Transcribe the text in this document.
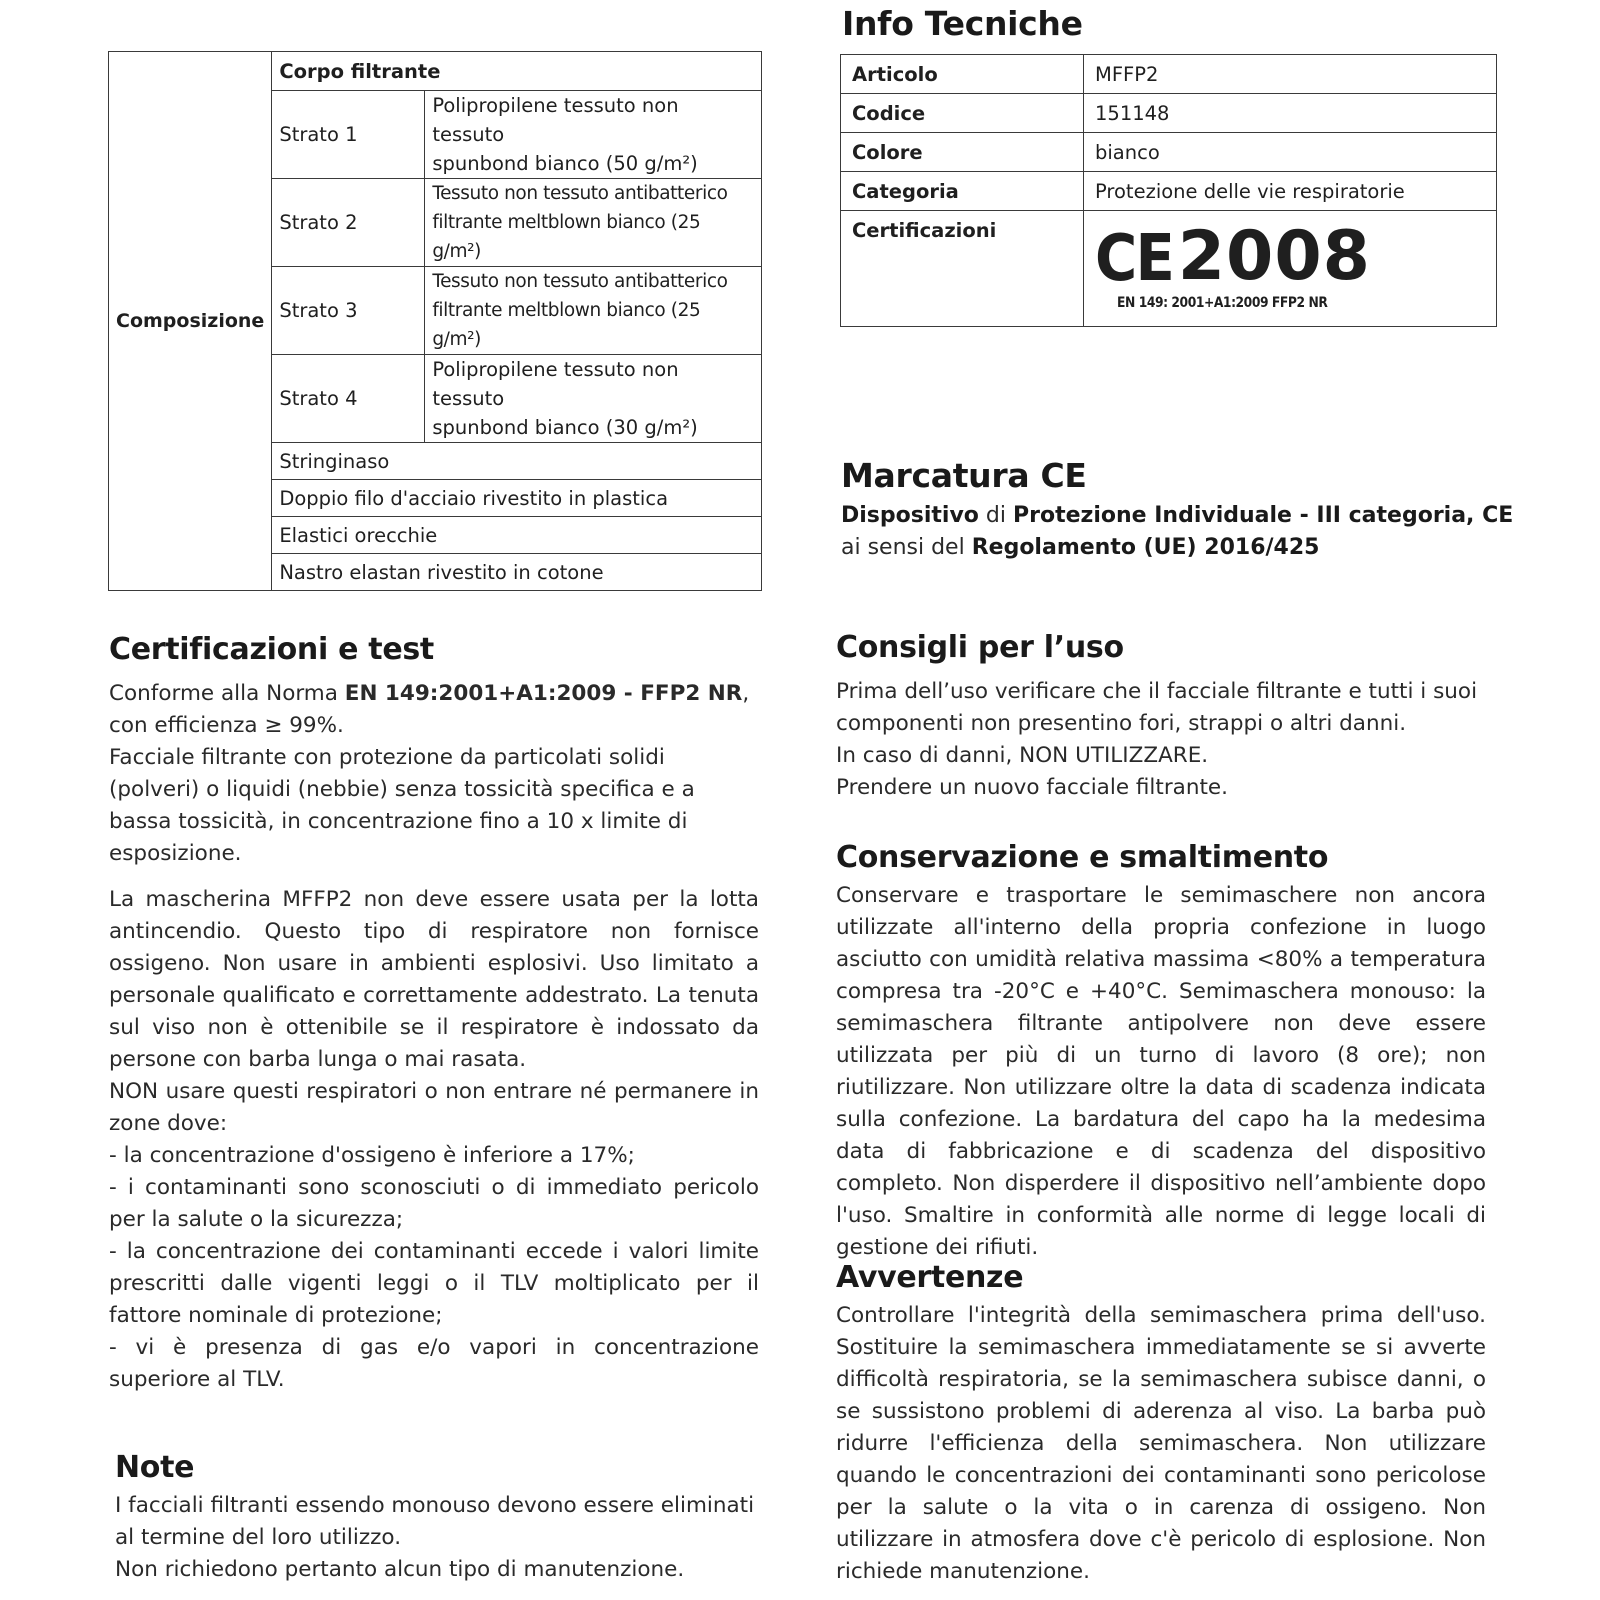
Composizione	Corpo filtrante	
	Strato 1	Polipropilene tessuto non tessuto
spunbond bianco (50 g/m²)
	Strato 2	Tessuto non tessuto antibatterico
filtrante meltblown bianco (25 g/m²)
	Strato 3	Tessuto non tessuto antibatterico
filtrante meltblown bianco (25 g/m²)
	Strato 4	Polipropilene tessuto non tessuto
spunbond bianco (30 g/m²)
	Stringinaso	
	Doppio filo d'acciaio rivestito in plastica	
	Elastici orecchie	
	Nastro elastan rivestito in cotone	
Info Tecniche
Articolo	MFFP2
Codice	151148
Colore	bianco
Categoria	Protezione delle vie respiratorie
Certificazioni	CE 2008
EN 149: 2001+A1:2009 FFP2 NR
Marcatura CE
Dispositivo di Protezione Individuale - III categoria, CE
ai sensi del Regolamento (UE) 2016/425
Certificazioni e test

Conforme alla Norma EN 149:2001+A1:2009 - FFP2 NR, con efficienza ≥ 99%.

Facciale filtrante con protezione da particolati solidi (polveri) o liquidi (nebbie) senza tossicità specifica e a bassa tossicità, in concentrazione fino a 10 x limite di esposizione.

La mascherina MFFP2 non deve essere usata per la lotta antincendio. Questo tipo di respiratore non fornisce ossigeno. Non usare in ambienti esplosivi. Uso limitato a personale qualificato e correttamente addestrato. La tenuta sul viso non è ottenibile se il respiratore è indossato da persone con barba lunga o mai rasata.

NON usare questi respiratori o non entrare né permanere in zone dove:

- la concentrazione d'ossigeno è inferiore a 17%;

- i contaminanti sono sconosciuti o di immediato pericolo per la salute o la sicurezza;

- la concentrazione dei contaminanti eccede i valori limite prescritti dalle vigenti leggi o il TLV moltiplicato per il fattore nominale di protezione;

- vi è presenza di gas e/o vapori in concentrazione superiore al TLV.

Note

I facciali filtranti essendo monouso devono essere eliminati al termine del loro utilizzo.

Non richiedono pertanto alcun tipo di manutenzione.

Consigli per l’uso

Prima dell’uso verificare che il facciale filtrante e tutti i suoi componenti non presentino fori, strappi o altri danni.

In caso di danni, NON UTILIZZARE.

Prendere un nuovo facciale filtrante.

Conservazione e smaltimento

Conservare e trasportare le semimaschere non ancora utilizzate all'interno della propria confezione in luogo asciutto con umidità relativa massima <80% a temperatura compresa tra -20°C e +40°C. Semimaschera monouso: la semimaschera filtrante antipolvere non deve essere utilizzata per più di un turno di lavoro (8 ore); non riutilizzare. Non utilizzare oltre la data di scadenza indicata sulla confezione. La bardatura del capo ha la medesima data di fabbricazione e di scadenza del dispositivo completo. Non disperdere il dispositivo nell’ambiente dopo l'uso. Smaltire in conformità alle norme di legge locali di gestione dei rifiuti.

Avvertenze

Controllare l'integrità della semimaschera prima dell'uso. Sostituire la semimaschera immediatamente se si avverte difficoltà respiratoria, se la semimaschera subisce danni, o se sussistono problemi di aderenza al viso. La barba può ridurre l'efficienza della semimaschera. Non utilizzare quando le concentrazioni dei contaminanti sono pericolose per la salute o la vita o in carenza di ossigeno. Non utilizzare in atmosfera dove c'è pericolo di esplosione. Non richiede manutenzione.
